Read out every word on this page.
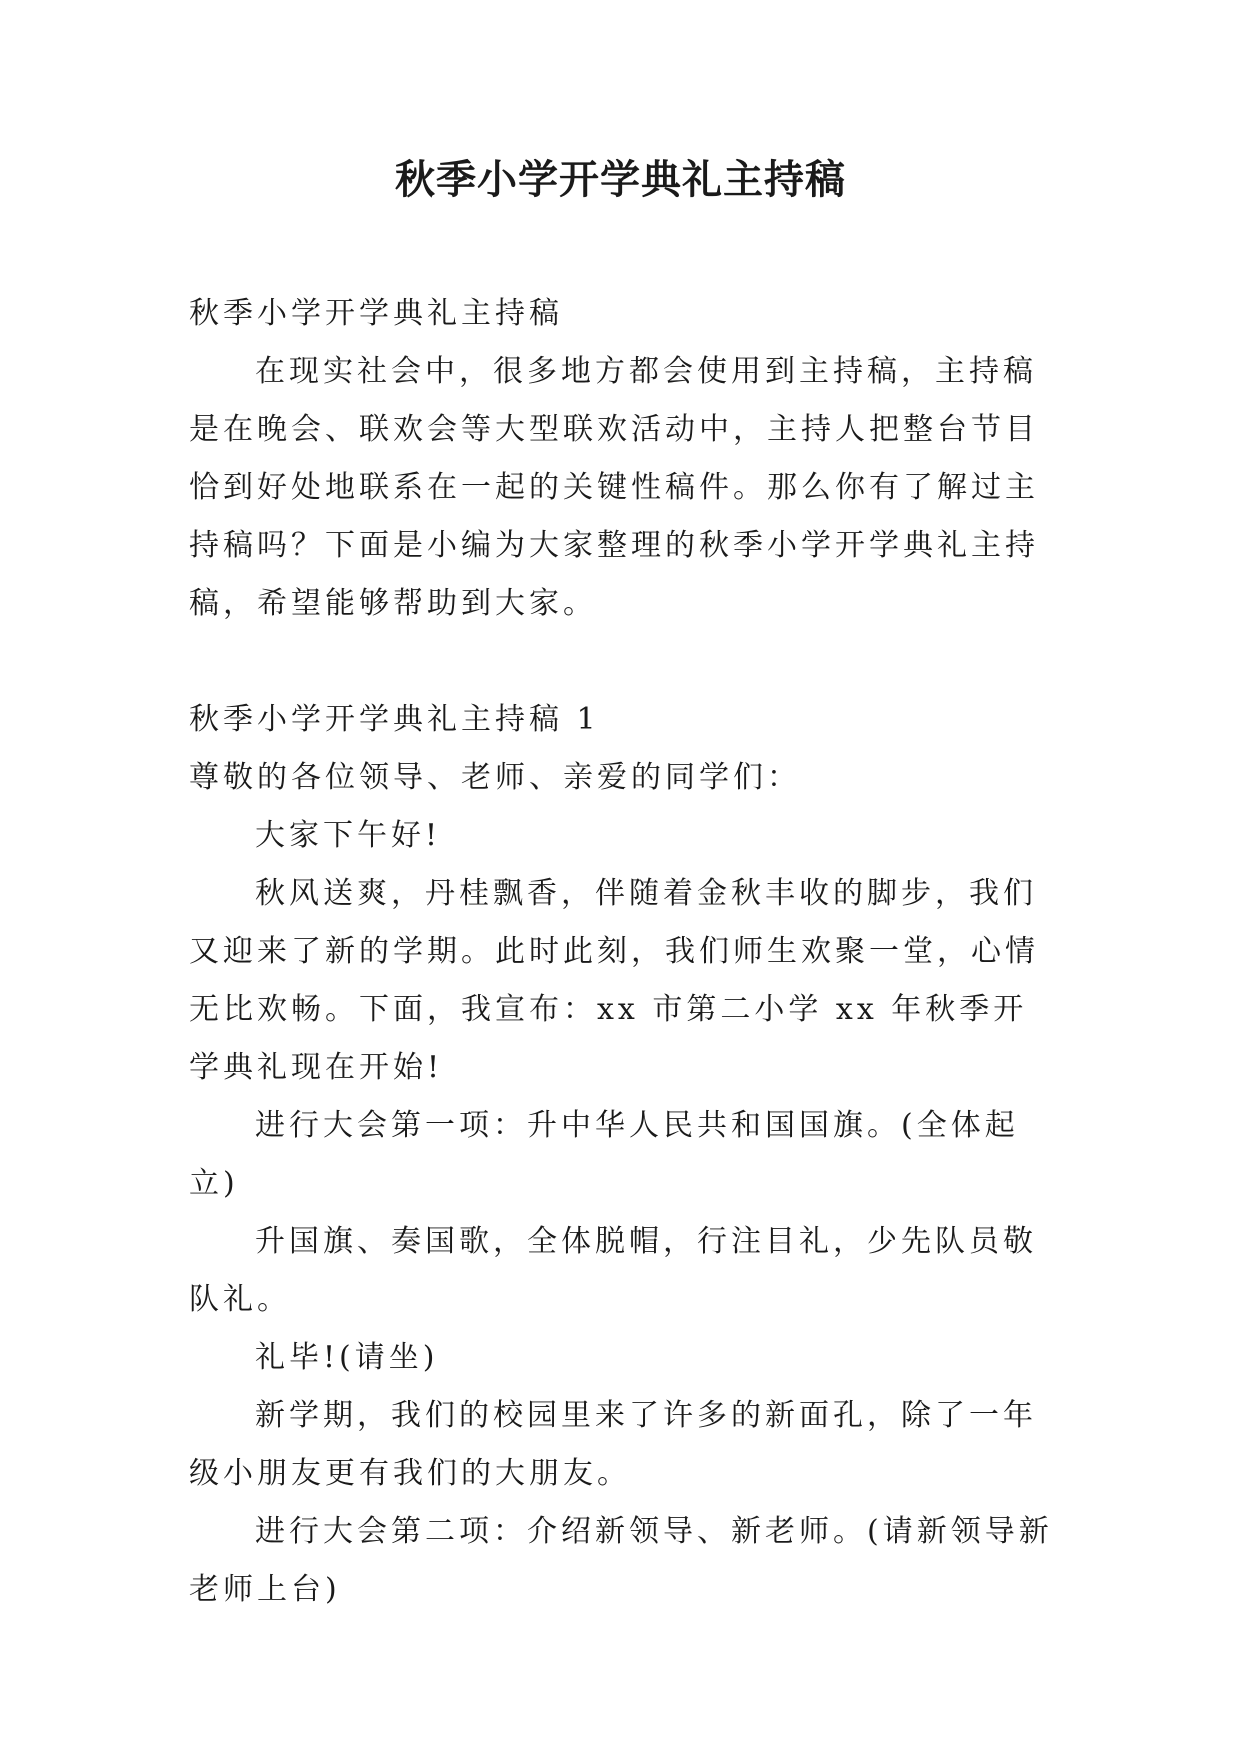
秋季小学开学典礼主持稿

秋季小学开学典礼主持稿

在现实社会中，很多地方都会使用到主持稿，主持稿是在晚会、联欢会等大型联欢活动中，主持人把整台节目恰到好处地联系在一起的关键性稿件。那么你有了解过主持稿吗？下面是小编为大家整理的秋季小学开学典礼主持稿，希望能够帮助到大家。

秋季小学开学典礼主持稿 1

尊敬的各位领导、老师、亲爱的同学们：

大家下午好!

秋风送爽，丹桂飘香，伴随着金秋丰收的脚步，我们又迎来了新的学期。此时此刻，我们师生欢聚一堂，心情无比欢畅。下面，我宣布：xx 市第二小学 xx 年秋季开学典礼现在开始!

进行大会第一项：升中华人民共和国国旗。(全体起立)

升国旗、奏国歌，全体脱帽，行注目礼，少先队员敬队礼。

礼毕!(请坐)

新学期，我们的校园里来了许多的新面孔，除了一年级小朋友更有我们的大朋友。

进行大会第二项：介绍新领导、新老师。(请新领导新老师上台)
